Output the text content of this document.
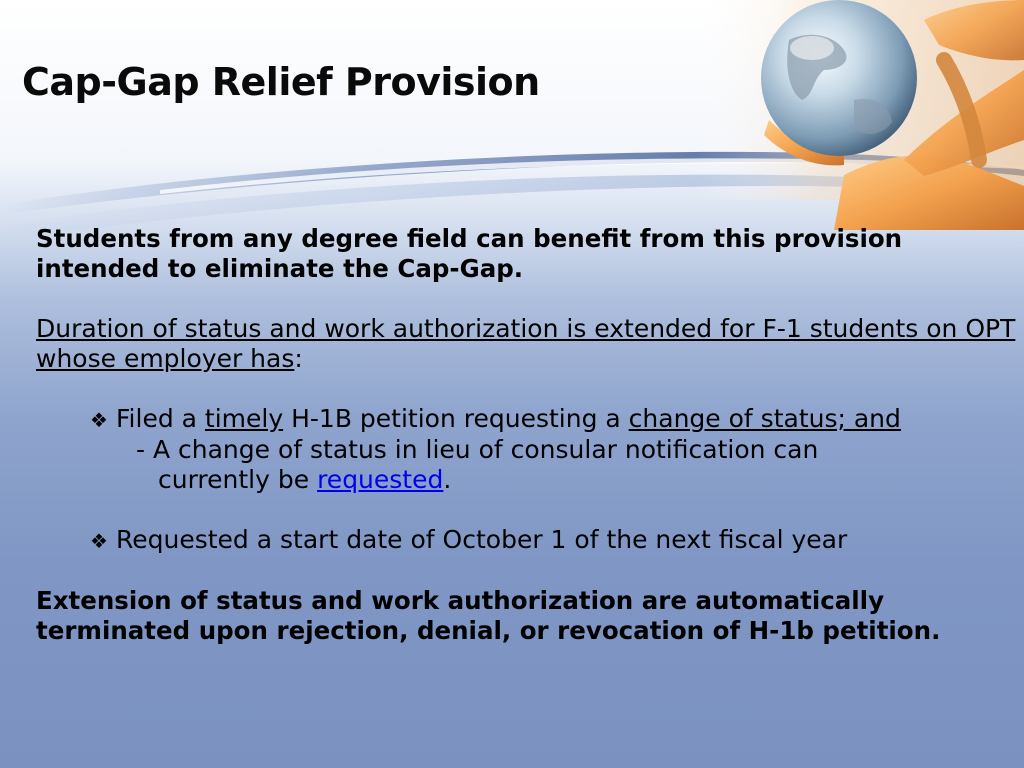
Cap-Gap Relief Provision

Students from any degree field can benefit from this provision intended to eliminate the Cap-Gap.

Duration of status and work authorization is extended for F-1 students on OPT whose employer has:

❖ Filed a timely H-1B petition requesting a change of status; and

- A change of status in lieu of consular notification can

currently be requested.

❖ Requested a start date of October 1 of the next fiscal year

Extension of status and work authorization are automatically terminated upon rejection, denial, or revocation of H-1b petition.
